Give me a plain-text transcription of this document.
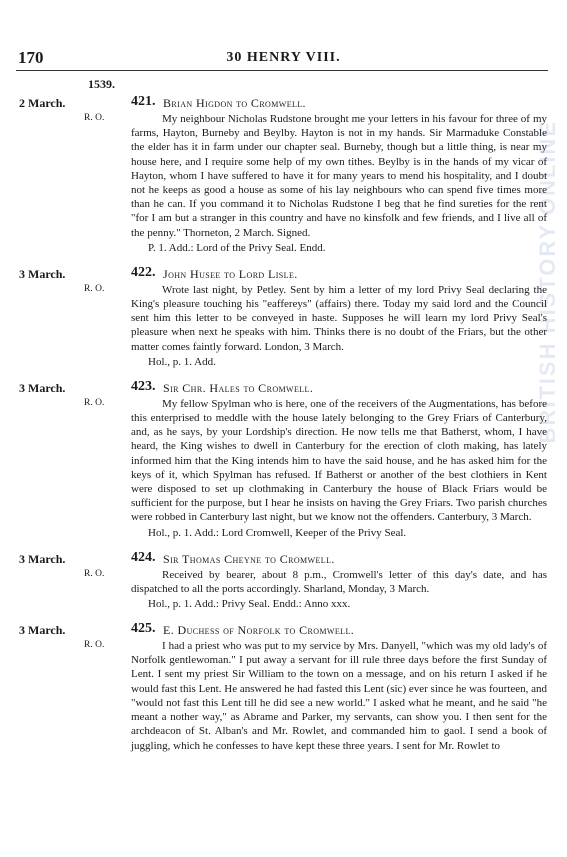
170	30 HENRY VIII.
1539.
2 March.	421. Brian Higdon to Cromwell.
R. O.	My neighbour Nicholas Rudstone brought me your letters in his favour for three of my farms, Hayton, Burneby and Beylby. Hayton is not in my hands. Sir Marmaduke Constable the elder has it in farm under our chapter seal. Burneby, though but a little thing, is near my house here, and I require some help of my own tithes. Beylby is in the hands of my vicar of Hayton, whom I have suffered to have it for many years to mend his hospitality, and I doubt not he keeps as good a house as some of his lay neighbours who can spend five times more than he can. If you command it to Nicholas Rudstone I beg that he find sureties for the rent "for I am but a stranger in this country and have no kinsfolk and few friends, and I live all of the penny." Thorneton, 2 March. Signed.
P. 1. Add.: Lord of the Privy Seal. Endd.
3 March.	422. John Husee to Lord Lisle.
R. O.	Wrote last night, by Petley. Sent by him a letter of my lord Privy Seal declaring the King's pleasure touching his "eaffereys" (affairs) there. Today my said lord and the Council sent him this letter to be conveyed in haste. Supposes he will learn my lord Privy Seal's pleasure when next he speaks with him. Thinks there is no doubt of the Friars, but the other matter comes faintly forward. London, 3 March.
Hol., p. 1. Add.
3 March.	423. Sir Chr. Hales to Cromwell.
R. O.	My fellow Spylman who is here, one of the receivers of the Augmentations, has before this enterprised to meddle with the house lately belonging to the Grey Friars of Canterbury, and, as he says, by your Lordship's direction. He now tells me that Batherst, whom, I have heard, the King wishes to dwell in Canterbury for the erection of cloth making, has lately informed him that the King intends him to have the said house, and he has asked him for the keys of it, which Spylman has refused. If Batherst or another of the best clothiers in Kent were disposed to set up clothmaking in Canterbury the house of Black Friars would be sufficient for the purpose, but I hear he insists on having the Grey Friars. Two parish churches were robbed in Canterbury last night, but we know not the offenders. Canterbury, 3 March.
Hol., p. 1. Add.: Lord Cromwell, Keeper of the Privy Seal.
3 March.	424. Sir Thomas Cheyne to Cromwell.
R. O.	Received by bearer, about 8 p.m., Cromwell's letter of this day's date, and has dispatched to all the ports accordingly. Sharland, Monday, 3 March.
Hol., p. 1. Add.: Privy Seal. Endd.: Anno xxx.
3 March.	425. E. Duchess of Norfolk to Cromwell.
R. O.	I had a priest who was put to my service by Mrs. Danyell, "which was my old lady's of Norfolk gentlewoman." I put away a servant for ill rule three days before the first Sunday of Lent. I sent my priest Sir William to the town on a message, and on his return I asked if he would fast this Lent. He answered he had fasted this Lent (sic) ever since he was fourteen, and "would not fast this Lent till he did see a new world." I asked what he meant, and he said "he meant a nother way," as Abrame and Parker, my servants, can show you. I then sent for the archdeacon of St. Alban's and Mr. Rowlet, and commanded him to gaol. I send a book of juggling, which he confesses to have kept these three years. I sent for Mr. Rowlet to
BRITISH HISTORY ONLINE
